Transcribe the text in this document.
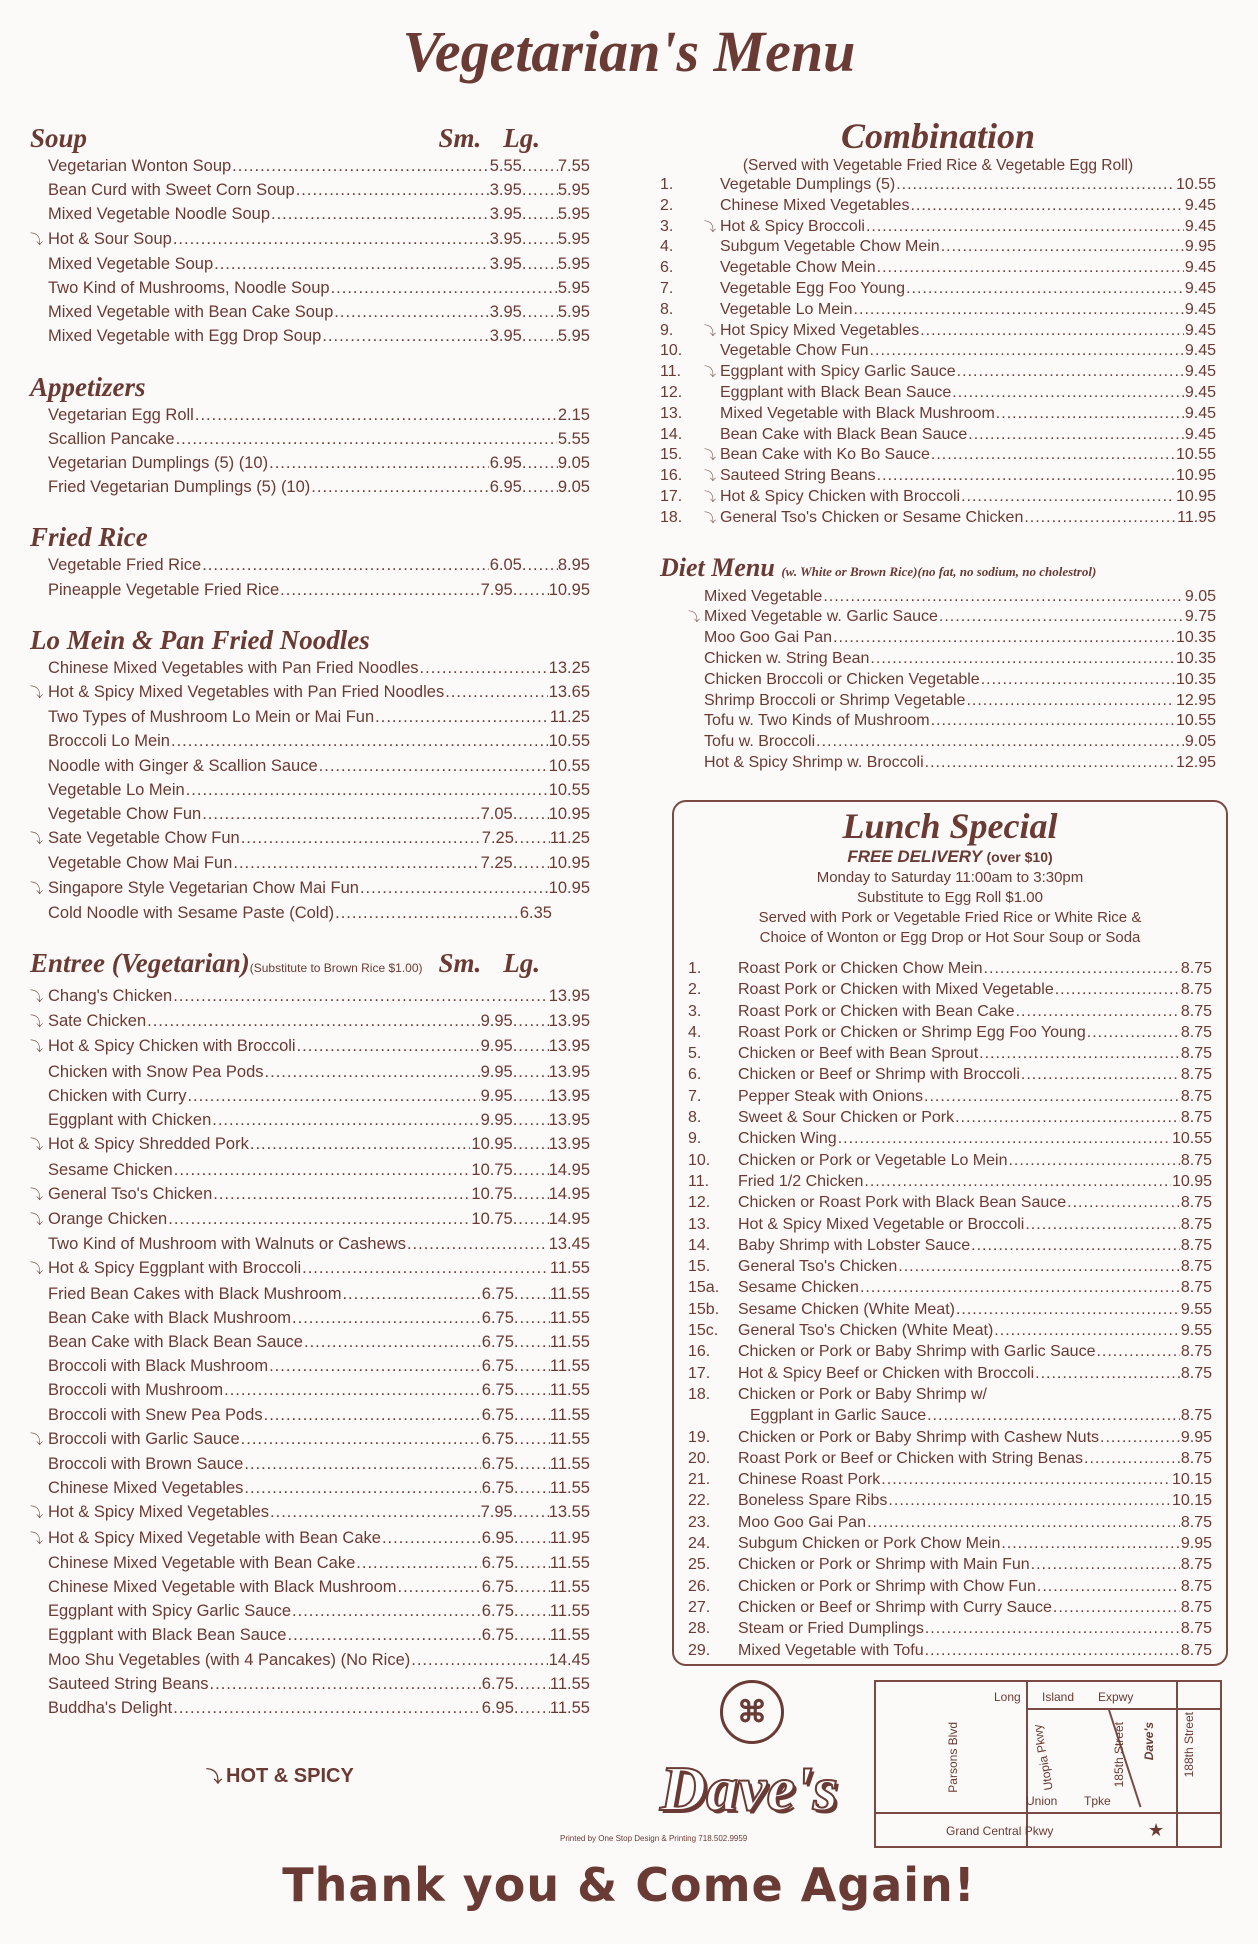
Vegetarian's Menu
Soup	Sm. Lg.
Vegetarian Wonton Soup .....	5.55 ..... 7.55
Bean Curd with Sweet Corn Soup .....	3.95 ..... 5.95
Mixed Vegetable Noodle Soup .....	3.95 ..... 5.95
⤵ Hot & Sour Soup .....	3.95 ..... 5.95
Mixed Vegetable Soup .....	3.95 ..... 5.95
Two Kind of Mushrooms, Noodle Soup .....	5.95
Mixed Vegetable with Bean Cake Soup .....	3.95 ..... 5.95
Mixed Vegetable with Egg Drop Soup .....	3.95 ..... 5.95
Appetizers
Vegetarian Egg Roll .....	2.15
Scallion Pancake .....	5.55
Vegetarian Dumplings (5) (10) .....	6.95 ..... 9.05
Fried Vegetarian Dumplings (5) (10) .....	6.95 ..... 9.05
Fried Rice
Vegetable Fried Rice .....	6.05 ..... 8.95
Pineapple Vegetable Fried Rice .....	7.95 ..... 10.95
Lo Mein & Pan Fried Noodles
Chinese Mixed Vegetables with Pan Fried Noodles .....	13.25
⤵ Hot & Spicy Mixed Vegetables with Pan Fried Noodles .....	13.65
Two Types of Mushroom Lo Mein or Mai Fun .....	11.25
Broccoli Lo Mein .....	10.55
Noodle with Ginger & Scallion Sauce .....	10.55
Vegetable Lo Mein .....	10.55
Vegetable Chow Fun .....	7.05 ..... 10.95
⤵ Sate Vegetable Chow Fun .....	7.25 ..... 11.25
Vegetable Chow Mai Fun .....	7.25 ..... 10.95
⤵ Singapore Style Vegetarian Chow Mai Fun .....	10.95
Cold Noodle with Sesame Paste (Cold) .....	6.35
Entree (Vegetarian)(Substitute to Brown Rice $1.00) Sm. Lg.
⤵ Chang's Chicken .....	13.95
⤵ Sate Chicken .....	9.95 ..... 13.95
⤵ Hot & Spicy Chicken with Broccoli .....	9.95 ..... 13.95
Chicken with Snow Pea Pods .....	9.95 ..... 13.95
Chicken with Curry .....	9.95 ..... 13.95
Eggplant with Chicken .....	9.95 ..... 13.95
⤵ Hot & Spicy Shredded Pork .....	10.95 ..... 13.95
Sesame Chicken .....	10.75 ..... 14.95
⤵ General Tso's Chicken .....	10.75 ..... 14.95
⤵ Orange Chicken .....	10.75 ..... 14.95
Two Kind of Mushroom with Walnuts or Cashews .....	13.45
⤵ Hot & Spicy Eggplant with Broccoli .....	11.55
Fried Bean Cakes with Black Mushroom .....	6.75 ..... 11.55
Bean Cake with Black Mushroom .....	6.75 ..... 11.55
Bean Cake with Black Bean Sauce .....	6.75 ..... 11.55
Broccoli with Black Mushroom .....	6.75 ..... 11.55
Broccoli with Mushroom .....	6.75 ..... 11.55
Broccoli with Snew Pea Pods .....	6.75 ..... 11.55
⤵ Broccoli with Garlic Sauce .....	6.75 ..... 11.55
Broccoli with Brown Sauce .....	6.75 ..... 11.55
Chinese Mixed Vegetables .....	6.75 ..... 11.55
⤵ Hot & Spicy Mixed Vegetables .....	7.95 ..... 13.55
⤵ Hot & Spicy Mixed Vegetable with Bean Cake .....	6.95 ..... 11.95
Chinese Mixed Vegetable with Bean Cake .....	6.75 ..... 11.55
Chinese Mixed Vegetable with Black Mushroom .....	6.75 ..... 11.55
Eggplant with Spicy Garlic Sauce .....	6.75 ..... 11.55
Eggplant with Black Bean Sauce .....	6.75 ..... 11.55
Moo Shu Vegetables (with 4 Pancakes) (No Rice) .....	14.45
Sauteed String Beans .....	6.75 ..... 11.55
Buddha's Delight .....	6.95 ..... 11.55
Combination
(Served with Vegetable Fried Rice & Vegetable Egg Roll)
1.	Vegetable Dumplings (5) .....	10.55
2.	Chinese Mixed Vegetables .....	9.45
3.	⤵ Hot & Spicy Broccoli .....	9.45
4.	Subgum Vegetable Chow Mein .....	9.95
6.	Vegetable Chow Mein .....	9.45
7.	Vegetable Egg Foo Young .....	9.45
8.	Vegetable Lo Mein .....	9.45
9.	⤵ Hot Spicy Mixed Vegetables .....	9.45
10.	Vegetable Chow Fun .....	9.45
11.	⤵ Eggplant with Spicy Garlic Sauce .....	9.45
12.	Eggplant with Black Bean Sauce .....	9.45
13.	Mixed Vegetable with Black Mushroom .....	9.45
14.	Bean Cake with Black Bean Sauce .....	9.45
15.	⤵ Bean Cake with Ko Bo Sauce .....	10.55
16.	⤵ Sauteed String Beans .....	10.95
17.	⤵ Hot & Spicy Chicken with Broccoli .....	10.95
18.	⤵ General Tso's Chicken or Sesame Chicken .....	11.95
Diet Menu (w. White or Brown Rice)(no fat, no sodium, no cholestrol)
Mixed Vegetable .....	9.05
⤵ Mixed Vegetable w. Garlic Sauce .....	9.75
Moo Goo Gai Pan .....	10.35
Chicken w. String Bean .....	10.35
Chicken Broccoli or Chicken Vegetable .....	10.35
Shrimp Broccoli or Shrimp Vegetable .....	12.95
Tofu w. Two Kinds of Mushroom .....	10.55
Tofu w. Broccoli .....	9.05
Hot & Spicy Shrimp w. Broccoli .....	12.95
Lunch Special
FREE DELIVERY (over $10)
Monday to Saturday 11:00am to 3:30pm
Substitute to Egg Roll $1.00
Served with Pork or Vegetable Fried Rice or White Rice &
Choice of Wonton or Egg Drop or Hot Sour Soup or Soda
1.	Roast Pork or Chicken Chow Mein .....	8.75
2.	Roast Pork or Chicken with Mixed Vegetable .....	8.75
3.	Roast Pork or Chicken with Bean Cake .....	8.75
4.	Roast Pork or Chicken or Shrimp Egg Foo Young .....	8.75
5.	Chicken or Beef with Bean Sprout .....	8.75
6.	Chicken or Beef or Shrimp with Broccoli .....	8.75
7.	Pepper Steak with Onions .....	8.75
8.	Sweet & Sour Chicken or Pork .....	8.75
9.	Chicken Wing .....	10.55
10.	Chicken or Pork or Vegetable Lo Mein .....	8.75
11.	Fried 1/2 Chicken .....	10.95
12.	Chicken or Roast Pork with Black Bean Sauce .....	8.75
13.	Hot & Spicy Mixed Vegetable or Broccoli .....	8.75
14.	Baby Shrimp with Lobster Sauce .....	8.75
15.	General Tso's Chicken .....	8.75
15a.	Sesame Chicken .....	8.75
15b.	Sesame Chicken (White Meat) .....	9.55
15c.	General Tso's Chicken (White Meat) .....	9.55
16.	Chicken or Pork or Baby Shrimp with Garlic Sauce .....	8.75
17.	Hot & Spicy Beef or Chicken with Broccoli .....	8.75
18.	Chicken or Pork or Baby Shrimp w/
Eggplant in Garlic Sauce .....	8.75
19.	Chicken or Pork or Baby Shrimp with Cashew Nuts .....	9.95
20.	Roast Pork or Beef or Chicken with String Benas .....	8.75
21.	Chinese Roast Pork .....	10.15
22.	Boneless Spare Ribs .....	10.15
23.	Moo Goo Gai Pan .....	8.75
24.	Subgum Chicken or Pork Chow Mein .....	9.95
25.	Chicken or Pork or Shrimp with Main Fun .....	8.75
26.	Chicken or Pork or Shrimp with Chow Fun .....	8.75
27.	Chicken or Beef or Shrimp with Curry Sauce .....	8.75
28.	Steam or Fried Dumplings .....	8.75
29.	Mixed Vegetable with Tofu .....	8.75
⤵ HOT & SPICY
⌘
Dave's
Printed by One Stop Design & Printing 718.502.9959
Long Island Expwy
Parsons Blvd	Utopia Pkwy
Union Tpke
185th Street	188th Street
Dave's
Grand Central Pkwy	★
Thank you & Come Again!
